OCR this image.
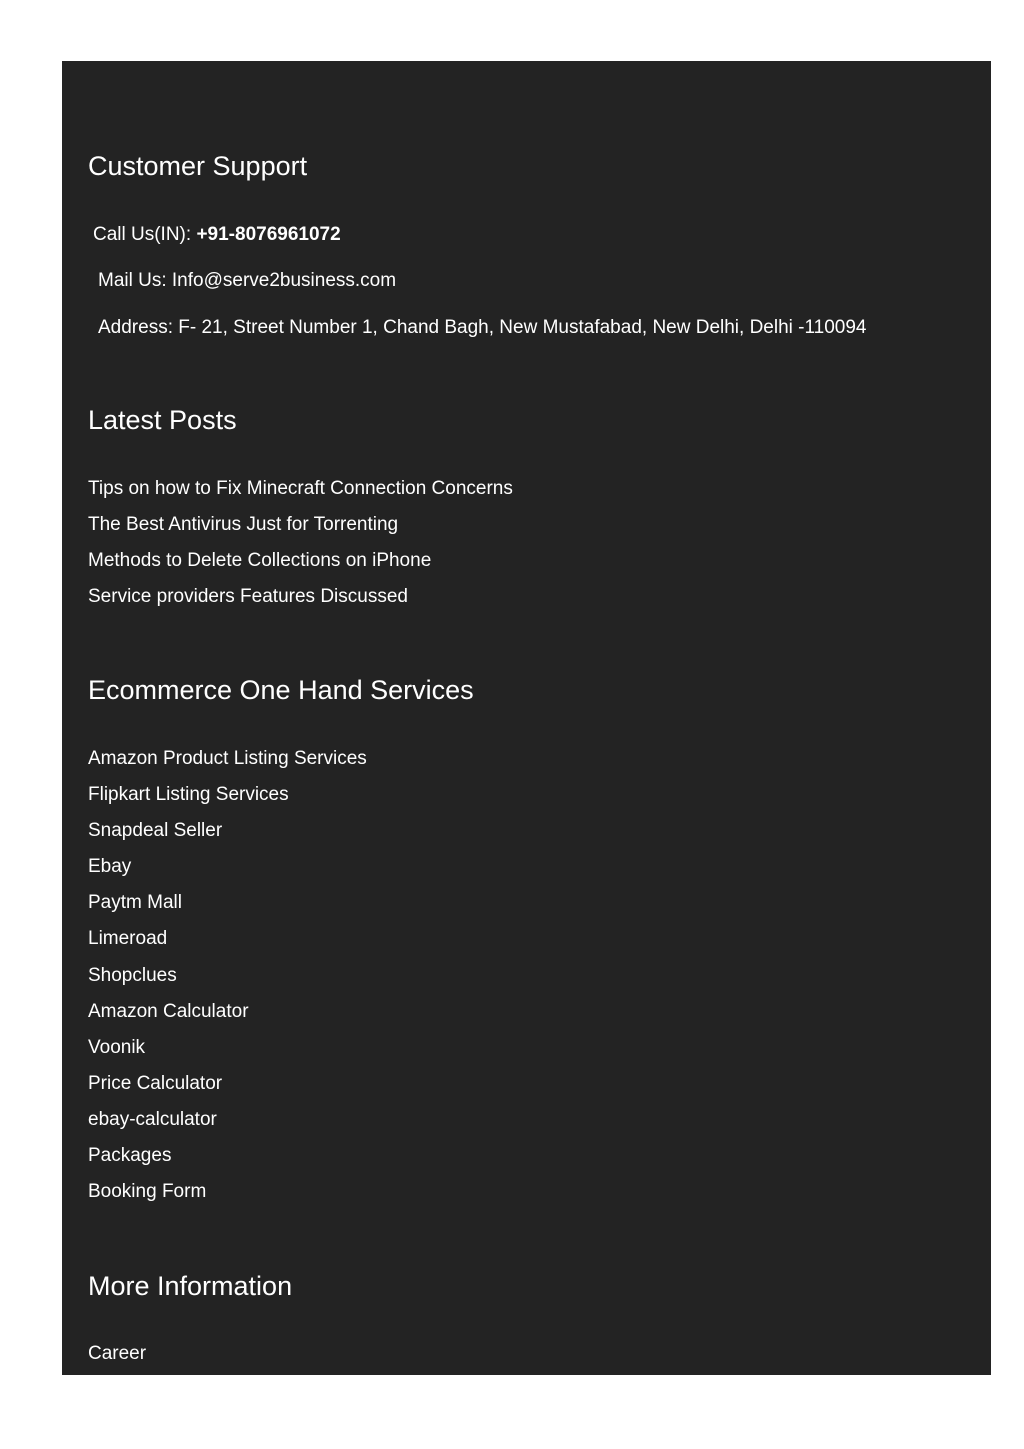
Customer Support
Call Us(IN): +91-8076961072
Mail Us: Info@serve2business.com
Address: F- 21, Street Number 1, Chand Bagh, New Mustafabad, New Delhi, Delhi -110094
Latest Posts
Tips on how to Fix Minecraft Connection Concerns
The Best Antivirus Just for Torrenting
Methods to Delete Collections on iPhone
Service providers Features Discussed
Ecommerce One Hand Services
Amazon Product Listing Services
Flipkart Listing Services
Snapdeal Seller
Ebay
Paytm Mall
Limeroad
Shopclues
Amazon Calculator
Voonik
Price Calculator
ebay-calculator
Packages
Booking Form
More Information
Career
